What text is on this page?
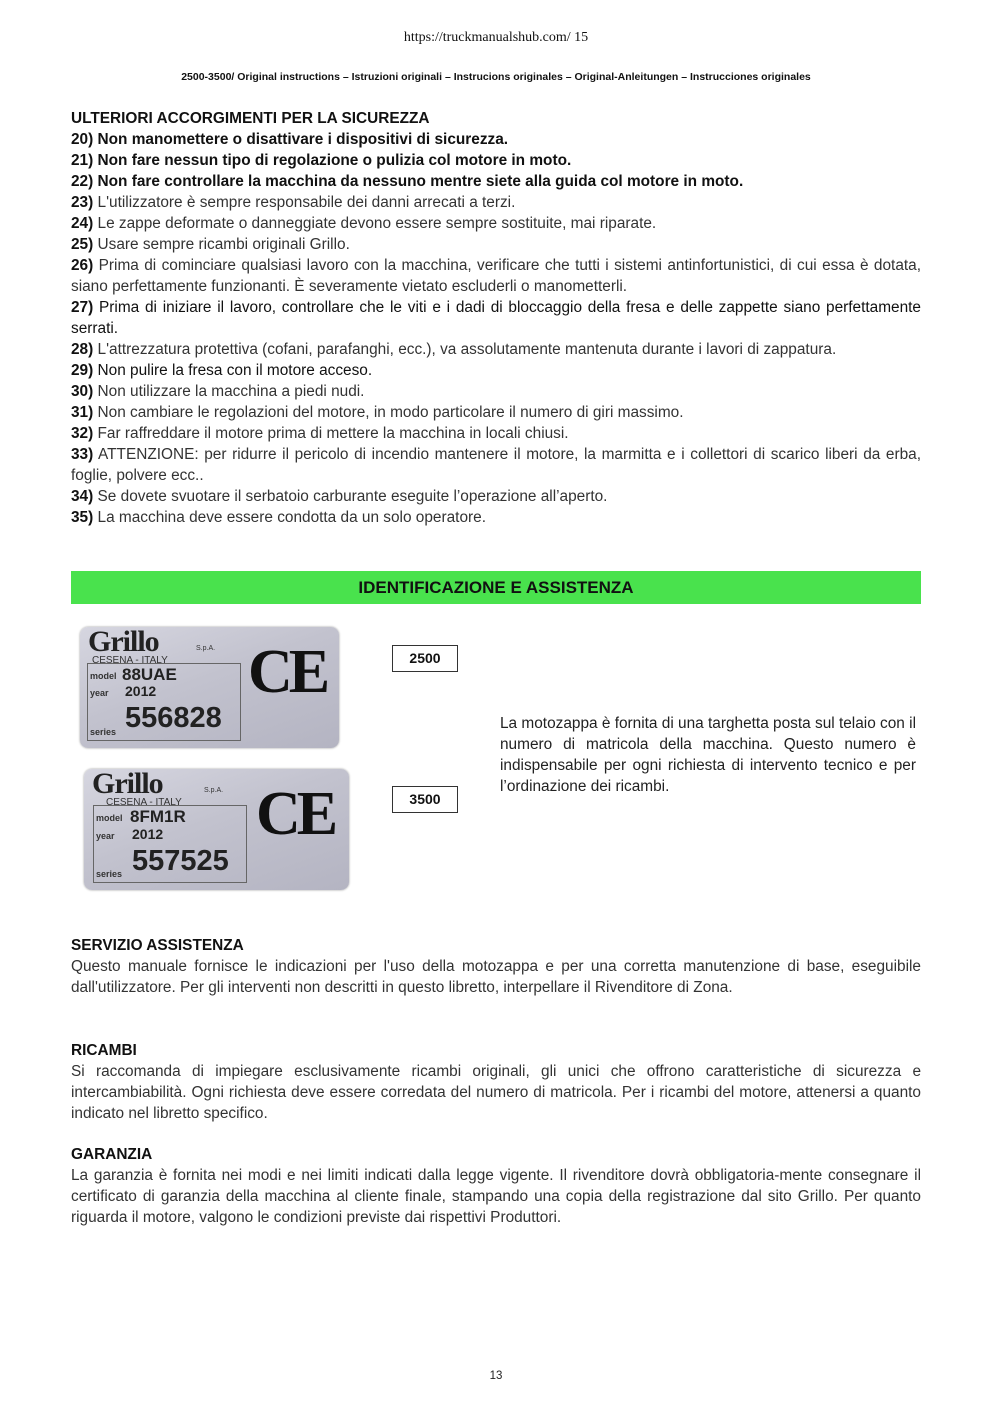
https://truckmanualshub.com/ 15
2500-3500/ Original instructions – Istruzioni originali – Instrucions originales – Original-Anleitungen – Instrucciones originales
ULTERIORI ACCORGIMENTI PER LA SICUREZZA
20) Non manomettere o disattivare i dispositivi di sicurezza.
21) Non fare nessun tipo di regolazione o pulizia col motore in moto.
22) Non fare controllare la macchina da nessuno mentre siete alla guida col motore in moto.
23) L'utilizzatore è sempre responsabile dei danni arrecati a terzi.
24) Le zappe deformate o danneggiate devono essere sempre sostituite, mai riparate.
25) Usare sempre ricambi originali Grillo.
26) Prima di cominciare qualsiasi lavoro con la macchina, verificare che tutti i sistemi antinfortunistici, di cui essa è dotata, siano perfettamente funzionanti. È severamente vietato escluderli o manometterli.
27) Prima di iniziare il lavoro, controllare che le viti e i dadi di bloccaggio della fresa e delle zappette siano perfettamente serrati.
28) L'attrezzatura protettiva (cofani, parafanghi, ecc.), va assolutamente mantenuta durante i lavori di zappatura.
29) Non pulire la fresa con il motore acceso.
30) Non utilizzare la macchina a piedi nudi.
31) Non cambiare le regolazioni del motore, in modo particolare il numero di giri massimo.
32) Far raffreddare il motore prima di mettere la macchina in locali chiusi.
33) ATTENZIONE: per ridurre il pericolo di incendio mantenere il motore, la marmitta e i collettori di scarico liberi da erba, foglie, polvere ecc..
34) Se dovete svuotare il serbatoio carburante eseguite l’operazione all’aperto.
35) La macchina deve essere condotta da un solo operatore.
IDENTIFICAZIONE E ASSISTENZA
Grillo	S.p.A.
CESENA - ITALY
model 88UAE
year 2012
series 556828
CE
Grillo	S.p.A.
CESENA - ITALY
model 8FM1R
year 2012
series 557525
CE
2500
3500
La motozappa è fornita di una targhetta posta sul telaio con il numero di matricola della macchina. Questo numero è indispensabile per ogni richiesta di intervento tecnico e per l’ordinazione dei ricambi.
SERVIZIO ASSISTENZA
Questo manuale fornisce le indicazioni per l'uso della motozappa e per una corretta manutenzione di base, eseguibile dall'utilizzatore. Per gli interventi non descritti in questo libretto, interpellare il Rivenditore di Zona.
RICAMBI
Si raccomanda di impiegare esclusivamente ricambi originali, gli unici che offrono caratteristiche di sicurezza e intercambiabilità. Ogni richiesta deve essere corredata del numero di matricola. Per i ricambi del motore, attenersi a quanto indicato nel libretto specifico.
GARANZIA
La garanzia è fornita nei modi e nei limiti indicati dalla legge vigente. Il rivenditore dovrà obbligatoria-mente consegnare il certificato di garanzia della macchina al cliente finale, stampando una copia della registrazione dal sito Grillo. Per quanto riguarda il motore, valgono le condizioni previste dai rispettivi Produttori.
13
